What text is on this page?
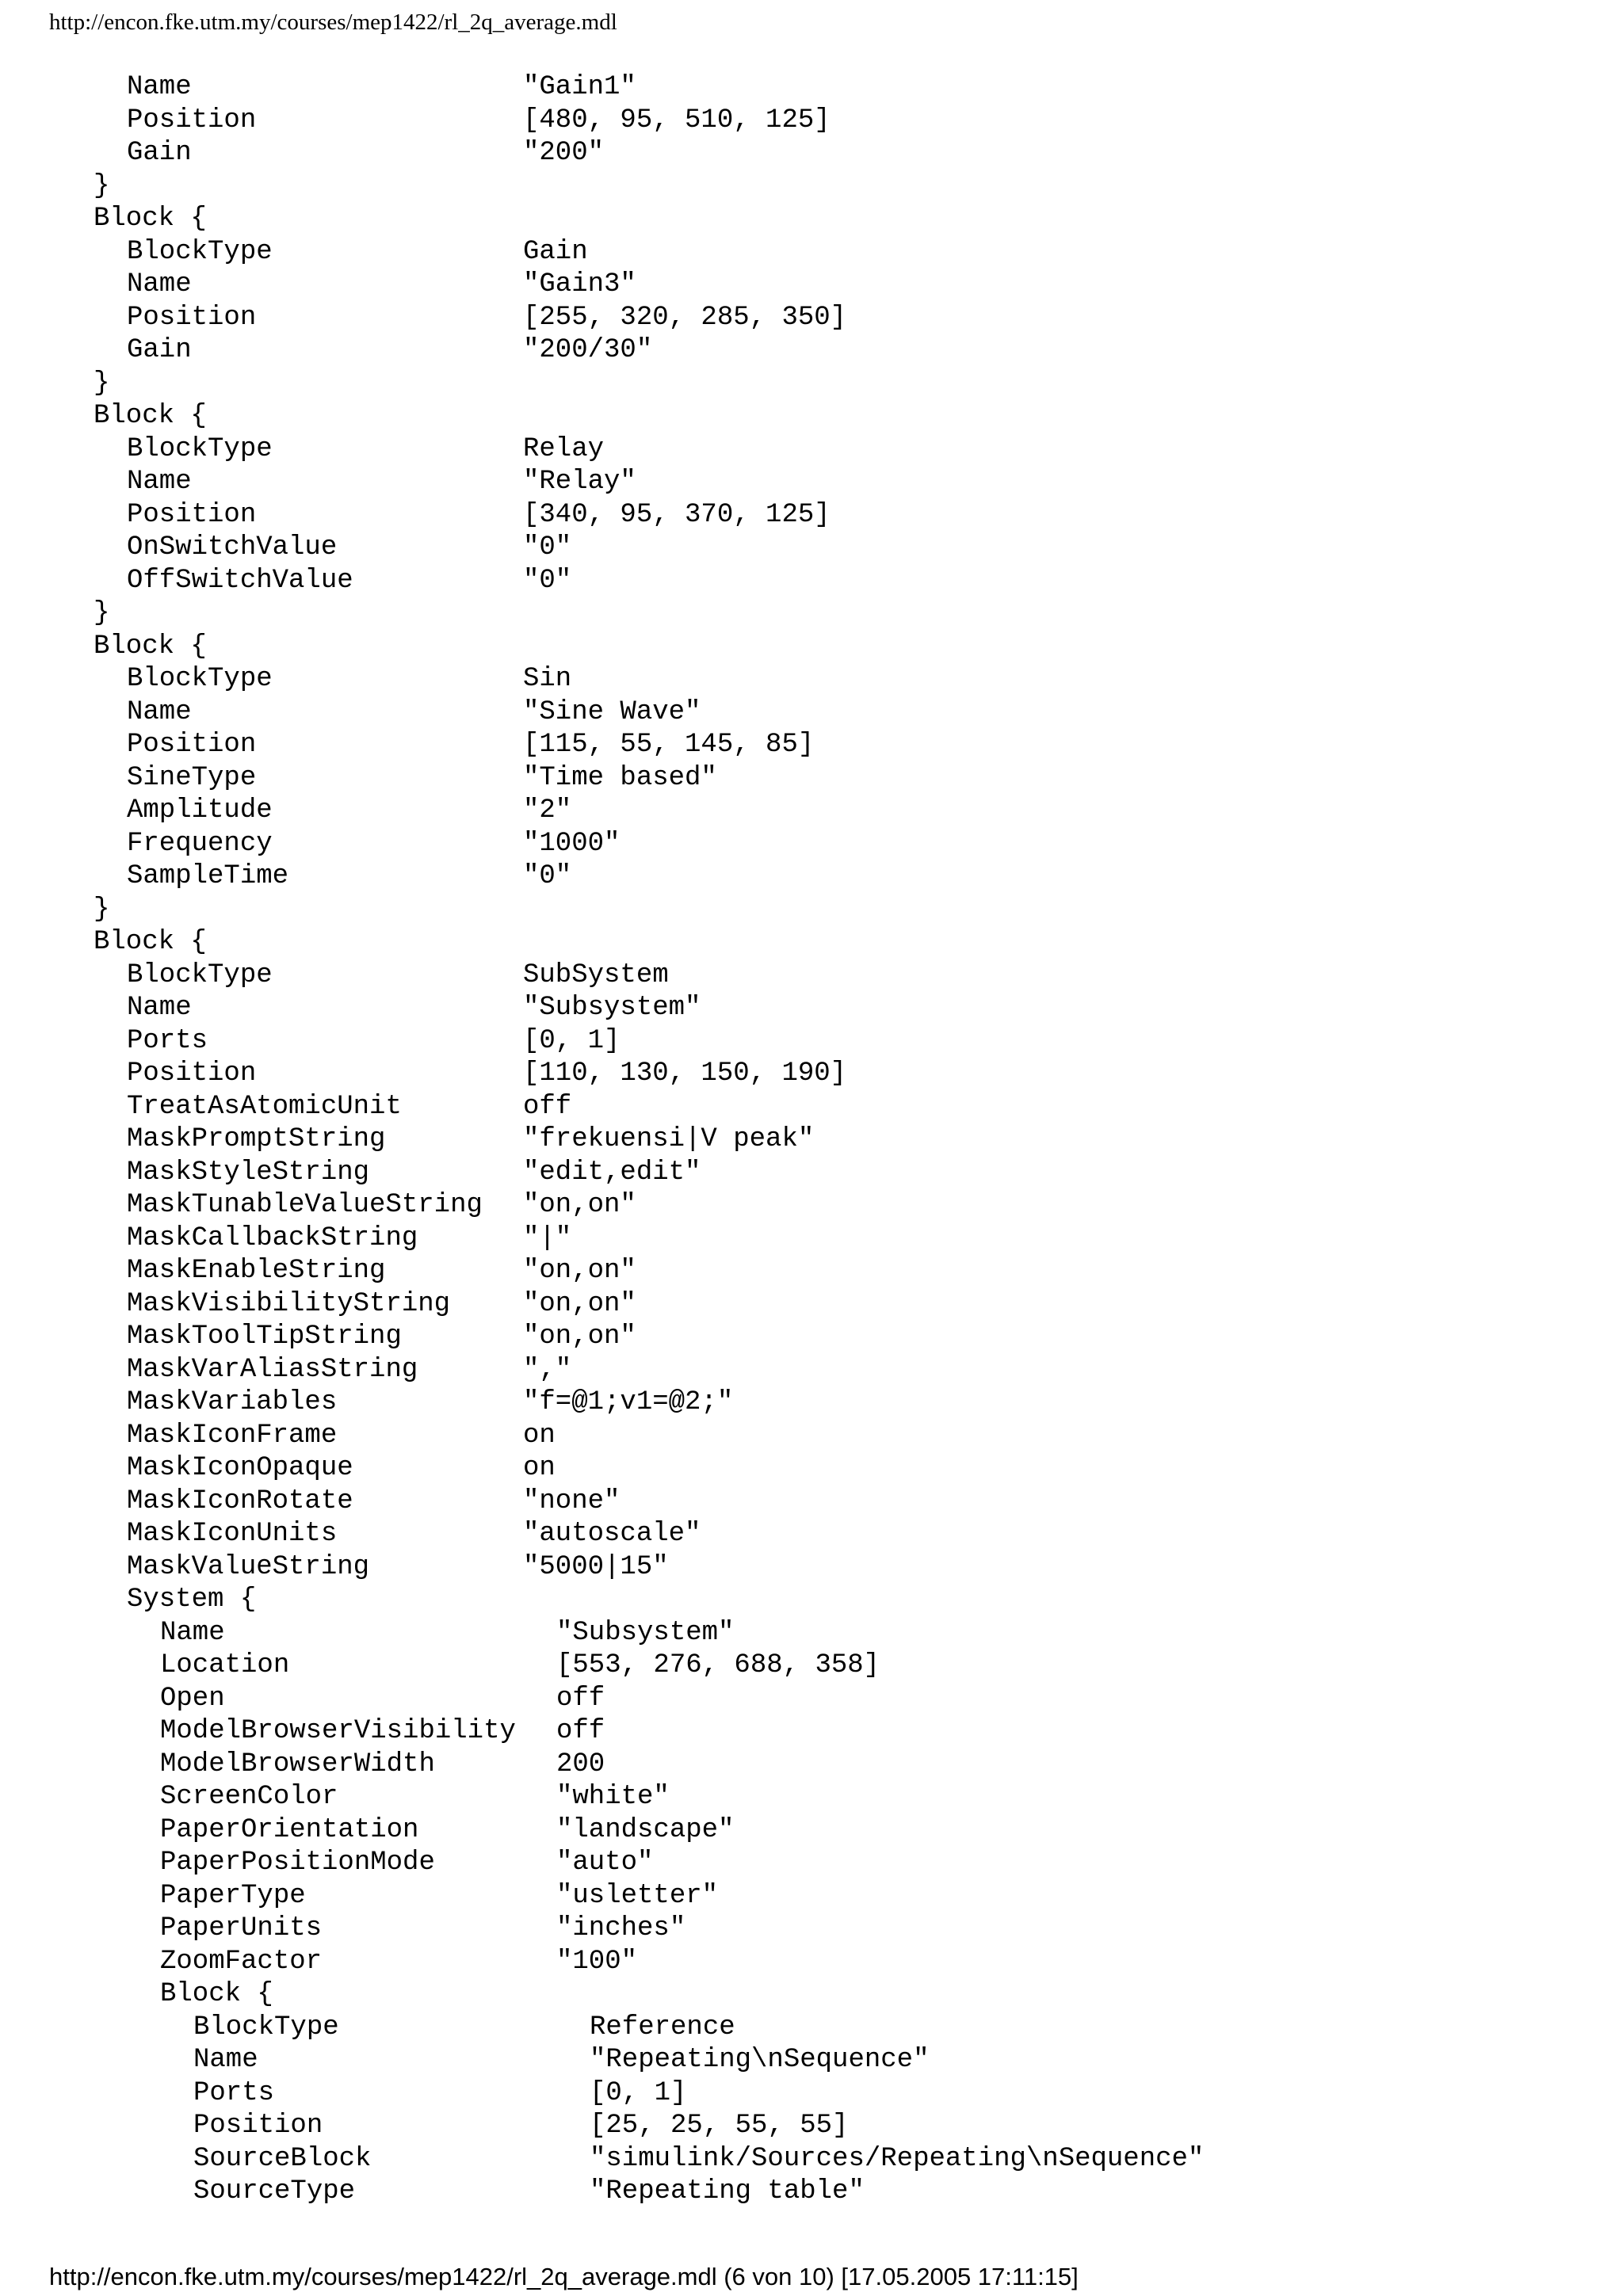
http://encon.fke.utm.my/courses/mep1422/rl_2q_average.mdl
Name	"Gain1"
Position	[480, 95, 510, 125]
Gain	"200"
}
Block {
BlockType	Gain
Name	"Gain3"
Position	[255, 320, 285, 350]
Gain	"200/30"
}
Block {
BlockType	Relay
Name	"Relay"
Position	[340, 95, 370, 125]
OnSwitchValue	"0"
OffSwitchValue	"0"
}
Block {
BlockType	Sin
Name	"Sine Wave"
Position	[115, 55, 145, 85]
SineType	"Time based"
Amplitude	"2"
Frequency	"1000"
SampleTime	"0"
}
Block {
BlockType	SubSystem
Name	"Subsystem"
Ports	[0, 1]
Position	[110, 130, 150, 190]
TreatAsAtomicUnit	off
MaskPromptString	"frekuensi|V peak"
MaskStyleString	"edit,edit"
MaskTunableValueString "on,on"
MaskCallbackString	"|"
MaskEnableString	"on,on"
MaskVisibilityString	"on,on"
MaskToolTipString	"on,on"
MaskVarAliasString	","
MaskVariables	"f=@1;v1=@2;"
MaskIconFrame	on
MaskIconOpaque	on
MaskIconRotate	"none"
MaskIconUnits	"autoscale"
MaskValueString	"5000|15"
System {
Name	"Subsystem"
Location	[553, 276, 688, 358]
Open	off
ModelBrowserVisibility off
ModelBrowserWidth	200
ScreenColor	"white"
PaperOrientation	"landscape"
PaperPositionMode	"auto"
PaperType	"usletter"
PaperUnits	"inches"
ZoomFactor	"100"
Block {
BlockType	Reference
Name	"Repeating\nSequence"
Ports	[0, 1]
Position	[25, 25, 55, 55]
SourceBlock	"simulink/Sources/Repeating\nSequence"
SourceType	"Repeating table"
http://encon.fke.utm.my/courses/mep1422/rl_2q_average.mdl (6 von 10) [17.05.2005 17:11:15]
